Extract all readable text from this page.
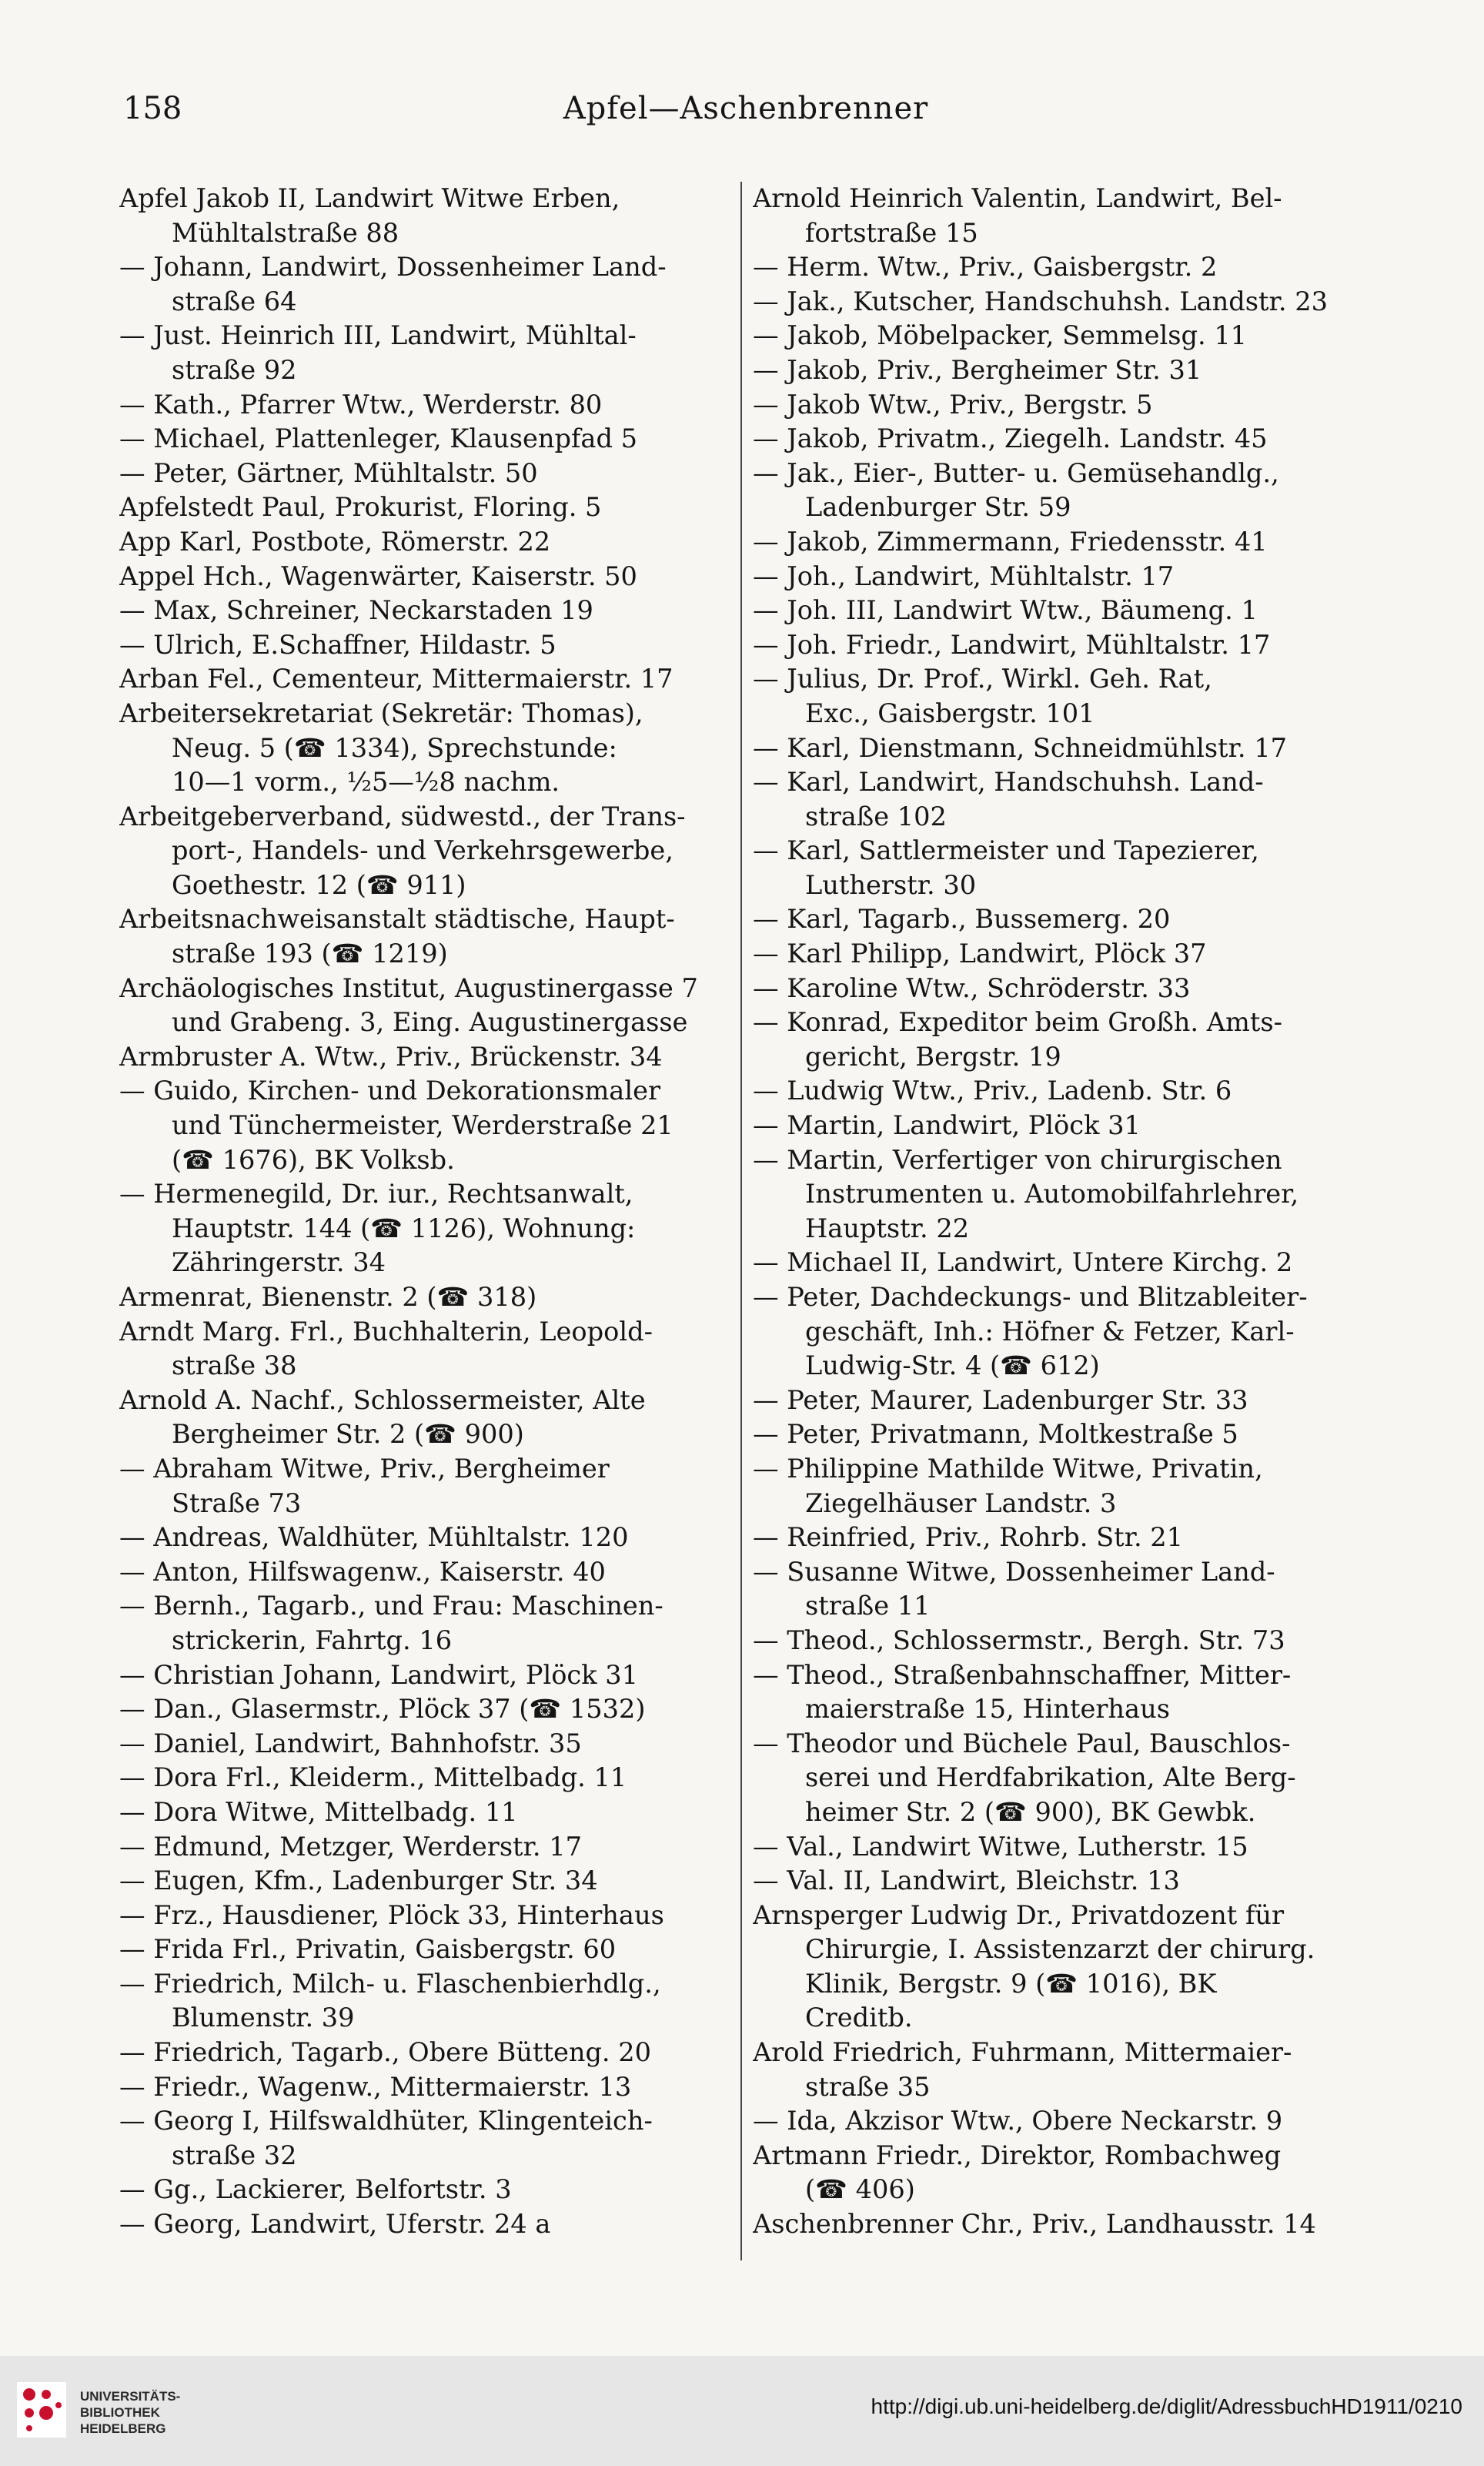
Apfel—Aschenbrenner
158
Apfel Jakob II, Landwirt Witwe Erben,
Mühltalstraße 88
— Johann, Landwirt, Dossenheimer Land-
straße 64
— Just. Heinrich III, Landwirt, Mühltal-
straße 92
— Kath., Pfarrer Wtw., Werderstr. 80
— Michael, Plattenleger, Klausenpfad 5
— Peter, Gärtner, Mühltalstr. 50
Apfelstedt Paul, Prokurist, Floring. 5
App Karl, Postbote, Römerstr. 22
Appel Hch., Wagenwärter, Kaiserstr. 50
— Max, Schreiner, Neckarstaden 19
— Ulrich, E.Schaffner, Hildastr. 5
Arban Fel., Cementeur, Mittermaierstr. 17
Arbeitersekretariat (Sekretär: Thomas),
Neug. 5 (☎ 1334), Sprechstunde:
10—1 vorm., ½5—½8 nachm.
Arbeitgeberverband, südwestd., der Trans-
port-, Handels- und Verkehrsgewerbe,
Goethestr. 12 (☎ 911)
Arbeitsnachweisanstalt städtische, Haupt-
straße 193 (☎ 1219)
Archäologisches Institut, Augustinergasse 7
und Grabeng. 3, Eing. Augustinergasse
Armbruster A. Wtw., Priv., Brückenstr. 34
— Guido, Kirchen- und Dekorationsmaler
und Tünchermeister, Werderstraße 21
(☎ 1676), BK Volksb.
— Hermenegild, Dr. iur., Rechtsanwalt,
Hauptstr. 144 (☎ 1126), Wohnung:
Zähringerstr. 34
Armenrat, Bienenstr. 2 (☎ 318)
Arndt Marg. Frl., Buchhalterin, Leopold-
straße 38
Arnold A. Nachf., Schlossermeister, Alte
Bergheimer Str. 2 (☎ 900)
— Abraham Witwe, Priv., Bergheimer
Straße 73
— Andreas, Waldhüter, Mühltalstr. 120
— Anton, Hilfswagenw., Kaiserstr. 40
— Bernh., Tagarb., und Frau: Maschinen-
strickerin, Fahrtg. 16
— Christian Johann, Landwirt, Plöck 31
— Dan., Glasermstr., Plöck 37 (☎ 1532)
— Daniel, Landwirt, Bahnhofstr. 35
— Dora Frl., Kleiderm., Mittelbadg. 11
— Dora Witwe, Mittelbadg. 11
— Edmund, Metzger, Werderstr. 17
— Eugen, Kfm., Ladenburger Str. 34
— Frz., Hausdiener, Plöck 33, Hinterhaus
— Frida Frl., Privatin, Gaisbergstr. 60
— Friedrich, Milch- u. Flaschenbierhdlg.,
Blumenstr. 39
— Friedrich, Tagarb., Obere Bütteng. 20
— Friedr., Wagenw., Mittermaierstr. 13
— Georg I, Hilfswaldhüter, Klingenteich-
straße 32
— Gg., Lackierer, Belfortstr. 3
— Georg, Landwirt, Uferstr. 24 a
Arnold Heinrich Valentin, Landwirt, Bel-
fortstraße 15
— Herm. Wtw., Priv., Gaisbergstr. 2
— Jak., Kutscher, Handschuhsh. Landstr. 23
— Jakob, Möbelpacker, Semmelsg. 11
— Jakob, Priv., Bergheimer Str. 31
— Jakob Wtw., Priv., Bergstr. 5
— Jakob, Privatm., Ziegelh. Landstr. 45
— Jak., Eier-, Butter- u. Gemüsehandlg.,
Ladenburger Str. 59
— Jakob, Zimmermann, Friedensstr. 41
— Joh., Landwirt, Mühltalstr. 17
— Joh. III, Landwirt Wtw., Bäumeng. 1
— Joh. Friedr., Landwirt, Mühltalstr. 17
— Julius, Dr. Prof., Wirkl. Geh. Rat,
Exc., Gaisbergstr. 101
— Karl, Dienstmann, Schneidmühlstr. 17
— Karl, Landwirt, Handschuhsh. Land-
straße 102
— Karl, Sattlermeister und Tapezierer,
Lutherstr. 30
— Karl, Tagarb., Bussemerg. 20
— Karl Philipp, Landwirt, Plöck 37
— Karoline Wtw., Schröderstr. 33
— Konrad, Expeditor beim Großh. Amts-
gericht, Bergstr. 19
— Ludwig Wtw., Priv., Ladenb. Str. 6
— Martin, Landwirt, Plöck 31
— Martin, Verfertiger von chirurgischen
Instrumenten u. Automobilfahrlehrer,
Hauptstr. 22
— Michael II, Landwirt, Untere Kirchg. 2
— Peter, Dachdeckungs- und Blitzableiter-
geschäft, Inh.: Höfner & Fetzer, Karl-
Ludwig-Str. 4 (☎ 612)
— Peter, Maurer, Ladenburger Str. 33
— Peter, Privatmann, Moltkestraße 5
— Philippine Mathilde Witwe, Privatin,
Ziegelhäuser Landstr. 3
— Reinfried, Priv., Rohrb. Str. 21
— Susanne Witwe, Dossenheimer Land-
straße 11
— Theod., Schlossermstr., Bergh. Str. 73
— Theod., Straßenbahnschaffner, Mitter-
maierstraße 15, Hinterhaus
— Theodor und Büchele Paul, Bauschlos-
serei und Herdfabrikation, Alte Berg-
heimer Str. 2 (☎ 900), BK Gewbk.
— Val., Landwirt Witwe, Lutherstr. 15
— Val. II, Landwirt, Bleichstr. 13
Arnsperger Ludwig Dr., Privatdozent für
Chirurgie, I. Assistenzarzt der chirurg.
Klinik, Bergstr. 9 (☎ 1016), BK
Creditb.
Arold Friedrich, Fuhrmann, Mittermaier-
straße 35
— Ida, Akzisor Wtw., Obere Neckarstr. 9
Artmann Friedr., Direktor, Rombachweg
(☎ 406)
Aschenbrenner Chr., Priv., Landhausstr. 14
UNIVERSITÄTS-
BIBLIOTHEK
HEIDELBERG
http://digi.ub.uni-heidelberg.de/diglit/AdressbuchHD1911/0210
